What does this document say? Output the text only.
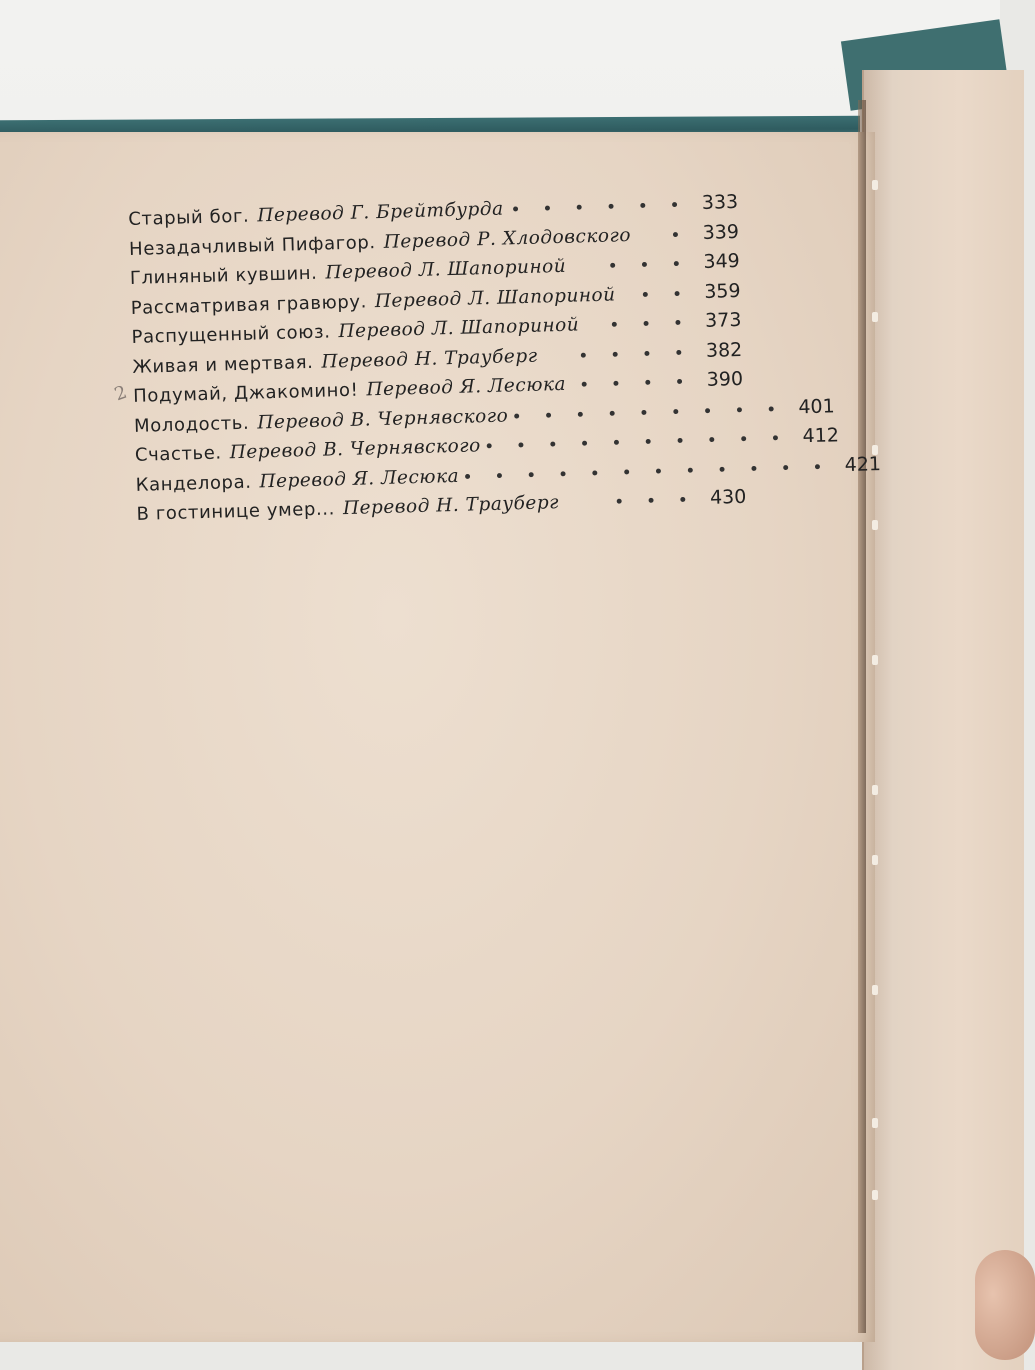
2
Старый бог. Перевод Г. Брейтбурда • • • • • • 333
Незадачливый Пифагор. Перевод Р. Хлодовского	• 339
Глиняный кувшин. Перевод Л. Шапориной	• • • 349
Рассматривая гравюру. Перевод Л. Шапориной	• • 359
Распущенный союз. Перевод Л. Шапориной	• • • 373
Живая и мертвая. Перевод Н. Трауберг	• • • • 382
Подумай, Джакомино! Перевод Я. Лесюка • • • • 390
Молодость. Перевод В. Чернявского • • • • • • • • • 401
Счастье. Перевод В. Чернявского • • • • • • • • • • 412
Канделора. Перевод Я. Лесюка • • • • • • • • • • • • 421
В гостинице умер... Перевод Н. Трауберг	• • • 430
